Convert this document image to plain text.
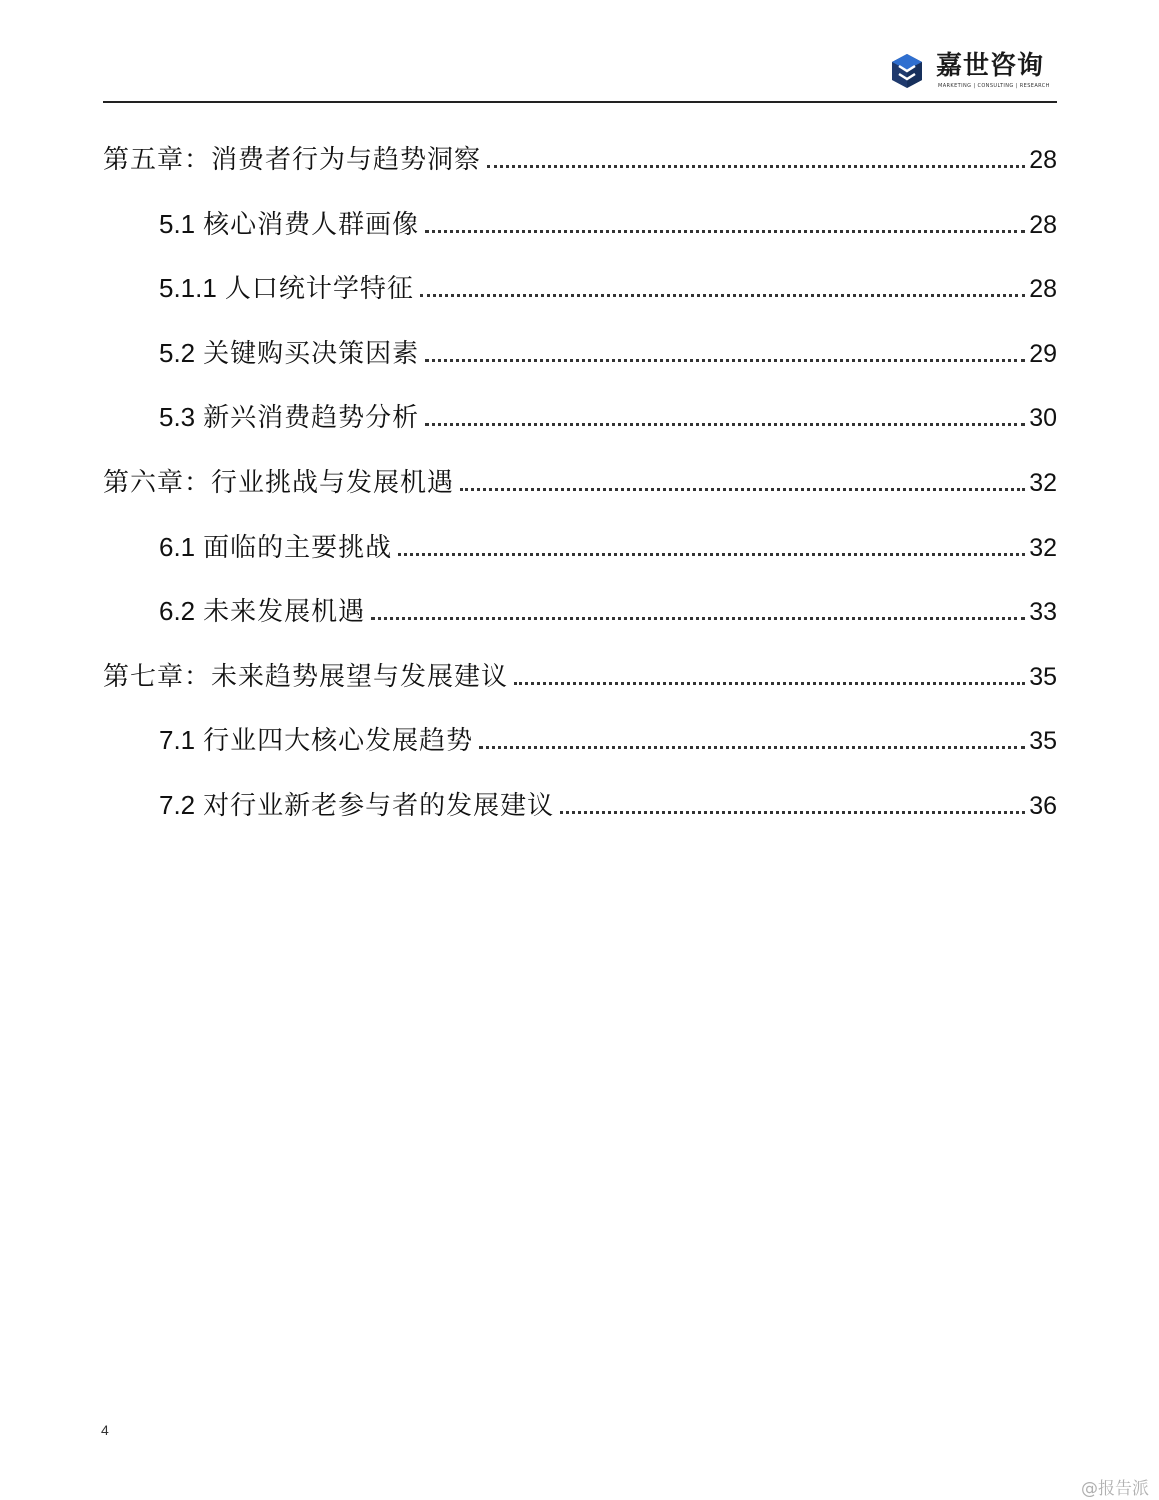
嘉世咨询
MARKETING | CONSULTING | RESEARCH
第五章：消费者行为与趋势洞察	28
5.1 核心消费人群画像	28
5.1.1 人口统计学特征	28
5.2 关键购买决策因素	29
5.3 新兴消费趋势分析	30
第六章：行业挑战与发展机遇	32
6.1 面临的主要挑战	32
6.2 未来发展机遇	33
第七章：未来趋势展望与发展建议	35
7.1 行业四大核心发展趋势	35
7.2 对行业新老参与者的发展建议	36
4
@报告派
